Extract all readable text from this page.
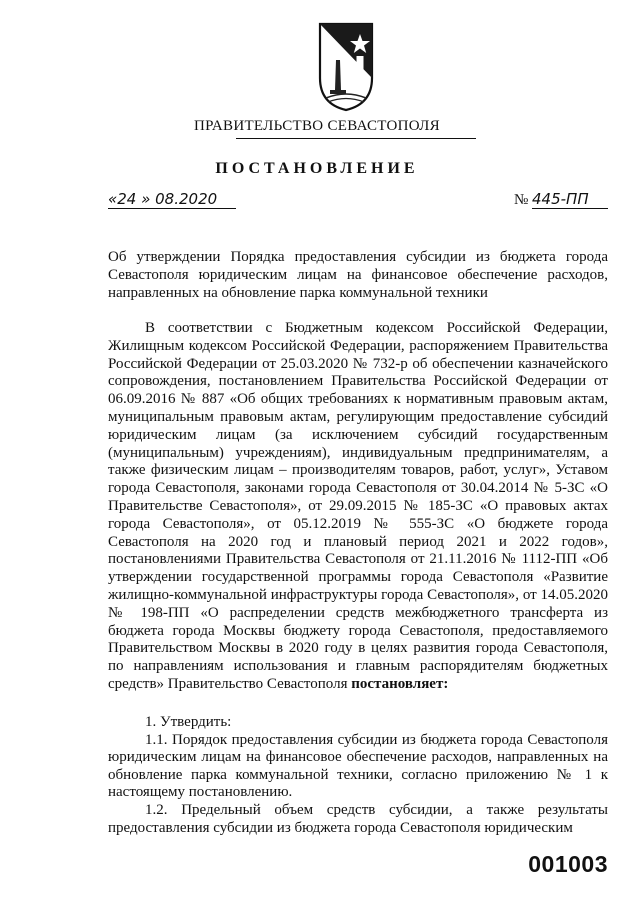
ПРАВИТЕЛЬСТВО СЕВАСТОПОЛЯ
ПОСТАНОВЛЕНИЕ
«24 » 08.2020	№ 445-ПП
Об утверждении Порядка предоставления субсидии из бюджета города Севастополя юридическим лицам на финансовое обеспечение расходов, направленных на обновление парка коммунальной техники

В соответствии с Бюджетным кодексом Российской Федерации, Жилищным кодексом Российской Федерации, распоряжением Правительства Российской Федерации от 25.03.2020 № 732-р об обеспечении казначейского сопровождения, постановлением Правительства Российской Федерации от 06.09.2016 № 887 «Об общих требованиях к нормативным правовым актам, муниципальным правовым актам, регулирующим предоставление субсидий юридическим лицам (за исключением субсидий государственным (муниципальным) учреждениям), индивидуальным предпринимателям, а также физическим лицам – производителям товаров, работ, услуг», Уставом города Севастополя, законами города Севастополя от 30.04.2014 № 5-ЗС «О Правительстве Севастополя», от 29.09.2015 № 185-ЗС «О правовых актах города Севастополя», от 05.12.2019 № 555-ЗС «О бюджете города Севастополя на 2020 год и плановый период 2021 и 2022 годов», постановлениями Правительства Севастополя от 21.11.2016 № 1112-ПП «Об утверждении государственной программы города Севастополя «Развитие жилищно-коммунальной инфраструктуры города Севастополя», от 14.05.2020 № 198-ПП «О распределении средств межбюджетного трансферта из бюджета города Москвы бюджету города Севастополя, предоставляемого Правительством Москвы в 2020 году в целях развития города Севастополя, по направлениям использования и главным распорядителям бюджетных средств» Правительство Севастополя постановляет:

1. Утвердить:

1.1. Порядок предоставления субсидии из бюджета города Севастополя юридическим лицам на финансовое обеспечение расходов, направленных на обновление парка коммунальной техники, согласно приложению № 1 к настоящему постановлению.

1.2. Предельный объем средств субсидии, а также результаты предоставления субсидии из бюджета города Севастополя юридическим

001003
